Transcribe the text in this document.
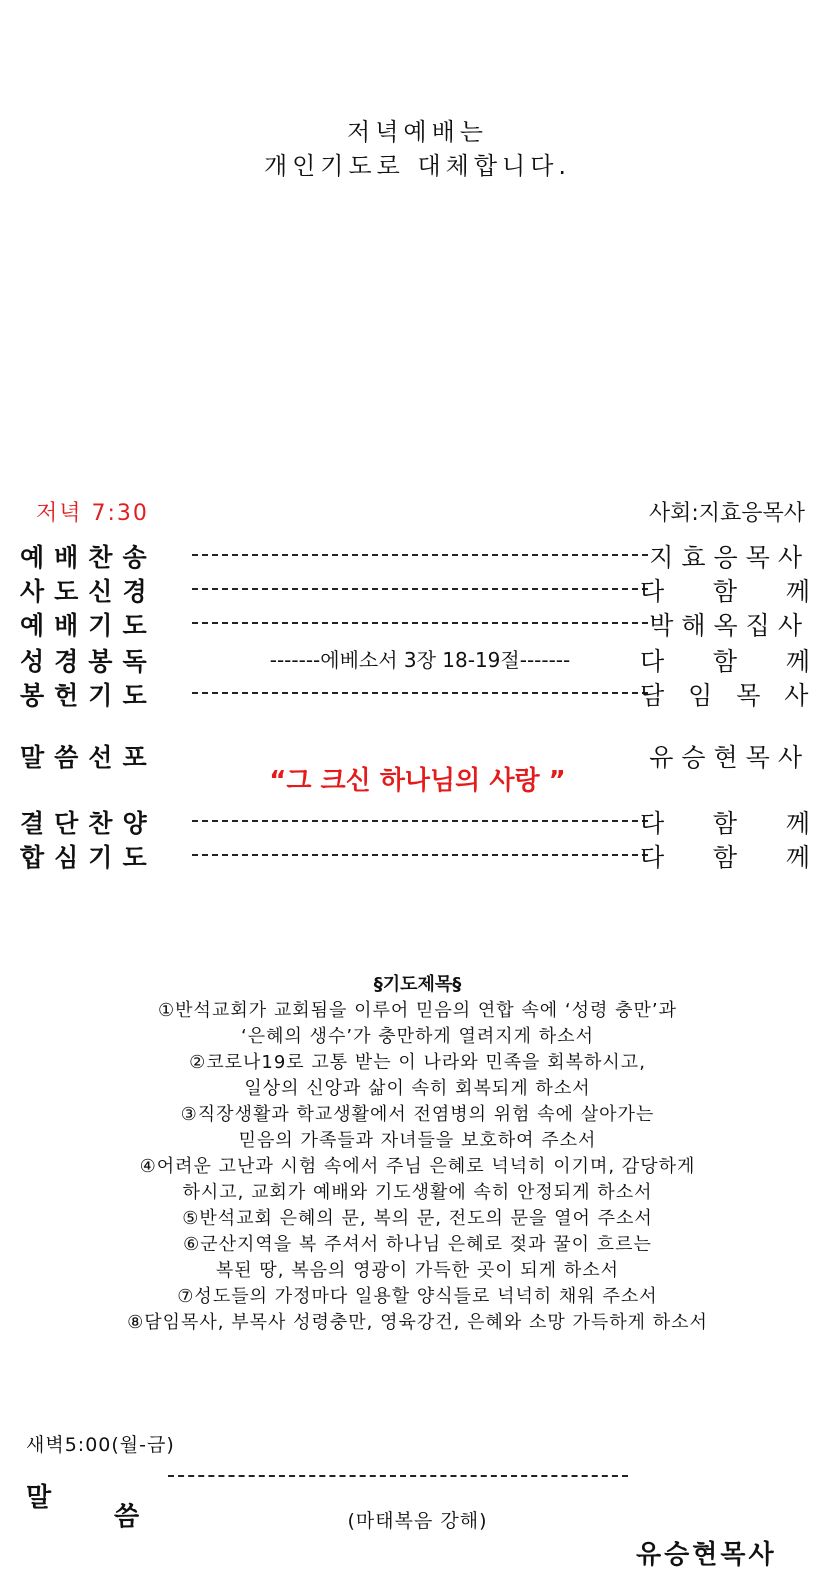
저녁예배는
개인기도로 대체합니다.
저녁 7:30	사회:지효응목사
예배찬송	지효응목사
사도신경	다 함 께
예배기도	박해옥집사
성경봉독	-------에베소서 3장 18-19절-------	다 함 께
봉헌기도	담 임 목 사
말씀선포	유승현목사
결단찬양	다 함 께
합심기도	다 함 께
“그 크신 하나님의 사랑 ”
§기도제목§
①반석교회가 교회됨을 이루어 믿음의 연합 속에 ‘성령 충만’과
‘은혜의 생수’가 충만하게 열려지게 하소서
②코로나19로 고통 받는 이 나라와 민족을 회복하시고,
일상의 신앙과 삶이 속히 회복되게 하소서
③직장생활과 학교생활에서 전염병의 위험 속에 살아가는
믿음의 가족들과 자녀들을 보호하여 주소서
④어려운 고난과 시험 속에서 주님 은혜로 넉넉히 이기며, 감당하게
하시고, 교회가 예배와 기도생활에 속히 안정되게 하소서
⑤반석교회 은혜의 문, 복의 문, 전도의 문을 열어 주소서
⑥군산지역을 복 주셔서 하나님 은혜로 젖과 꿀이 흐르는
복된 땅, 복음의 영광이 가득한 곳이 되게 하소서
⑦성도들의 가정마다 일용할 양식들로 넉넉히 채워 주소서
⑧담임목사, 부목사 성령충만, 영육강건, 은혜와 소망 가득하게 하소서
새벽5:00(월-금)

말

씀

유승현목사

(마태복음 강해)
